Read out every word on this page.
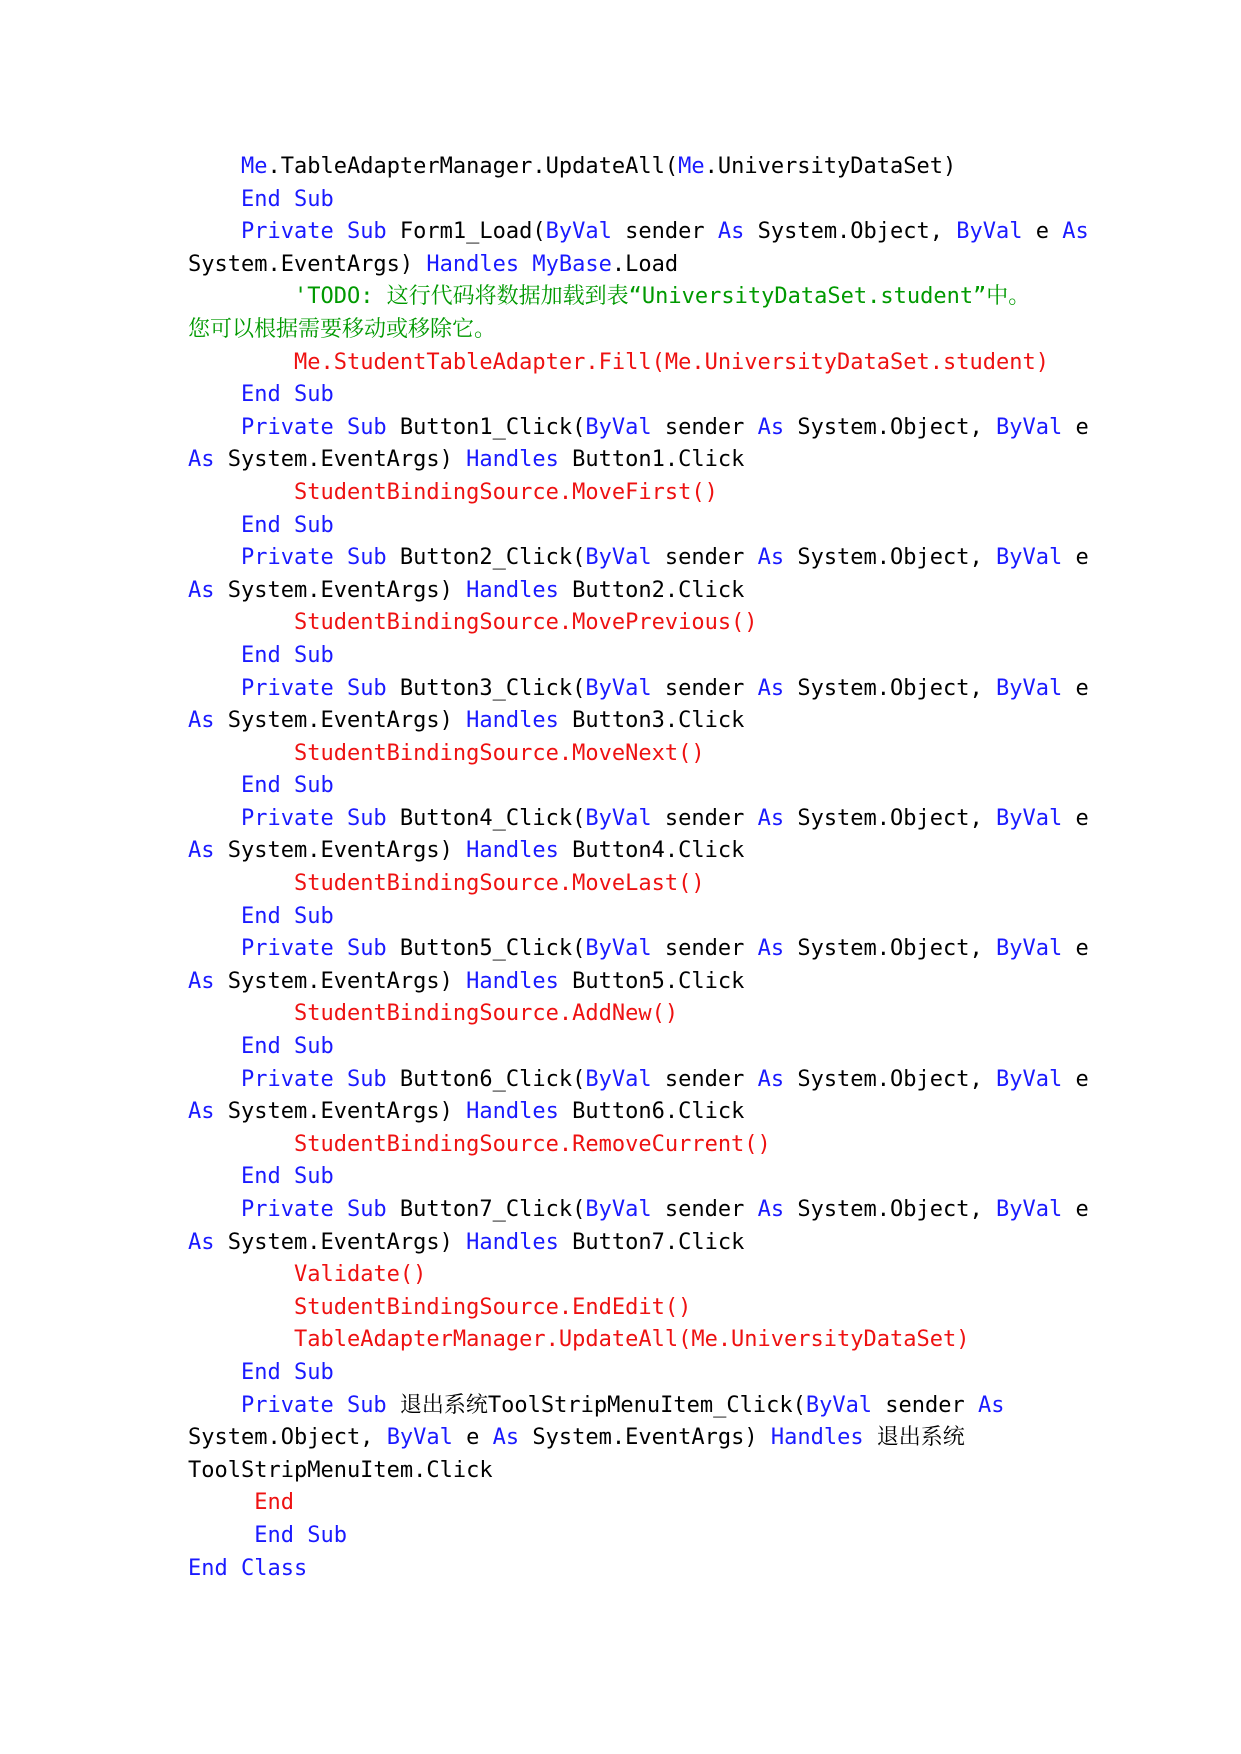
Me.TableAdapterManager.UpdateAll(Me.UniversityDataSet)
End Sub
Private Sub Form1_Load(ByVal sender As System.Object, ByVal e As
System.EventArgs) Handles MyBase.Load
'TODO: 这行代码将数据加载到表“UniversityDataSet.student”中。
您可以根据需要移动或移除它。
Me.StudentTableAdapter.Fill(Me.UniversityDataSet.student)
End Sub
Private Sub Button1_Click(ByVal sender As System.Object, ByVal e
As System.EventArgs) Handles Button1.Click
StudentBindingSource.MoveFirst()
End Sub
Private Sub Button2_Click(ByVal sender As System.Object, ByVal e
As System.EventArgs) Handles Button2.Click
StudentBindingSource.MovePrevious()
End Sub
Private Sub Button3_Click(ByVal sender As System.Object, ByVal e
As System.EventArgs) Handles Button3.Click
StudentBindingSource.MoveNext()
End Sub
Private Sub Button4_Click(ByVal sender As System.Object, ByVal e
As System.EventArgs) Handles Button4.Click
StudentBindingSource.MoveLast()
End Sub
Private Sub Button5_Click(ByVal sender As System.Object, ByVal e
As System.EventArgs) Handles Button5.Click
StudentBindingSource.AddNew()
End Sub
Private Sub Button6_Click(ByVal sender As System.Object, ByVal e
As System.EventArgs) Handles Button6.Click
StudentBindingSource.RemoveCurrent()
End Sub
Private Sub Button7_Click(ByVal sender As System.Object, ByVal e
As System.EventArgs) Handles Button7.Click
Validate()
StudentBindingSource.EndEdit()
TableAdapterManager.UpdateAll(Me.UniversityDataSet)
End Sub
Private Sub 退出系统ToolStripMenuItem_Click(ByVal sender As
System.Object, ByVal e As System.EventArgs) Handles 退出系统
ToolStripMenuItem.Click
End
End Sub
End Class
